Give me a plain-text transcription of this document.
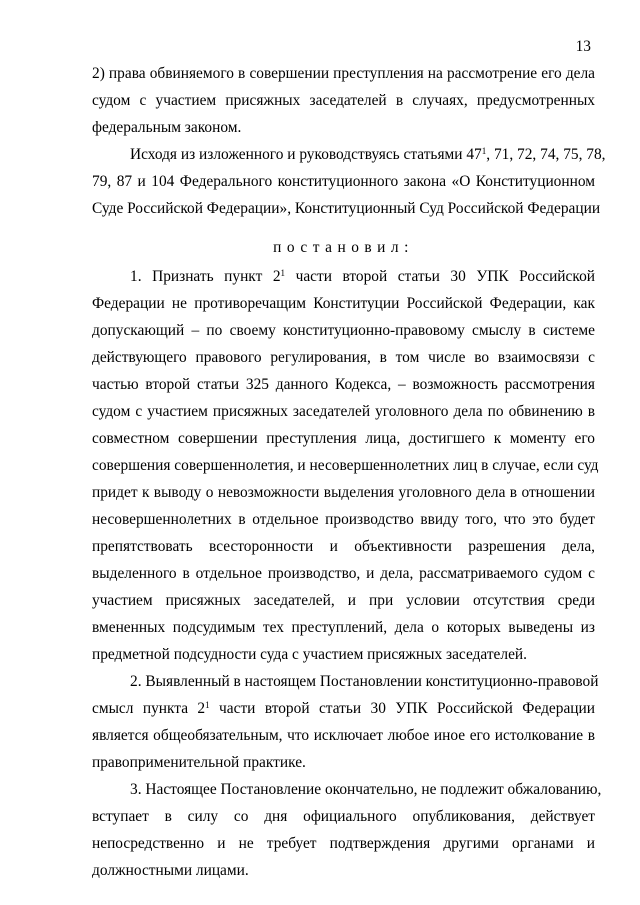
13
2) права обвиняемого в совершении преступления на рассмотрение его дела
судом с участием присяжных заседателей в случаях, предусмотренных
федеральным законом.
Исходя из изложенного и руководствуясь статьями $47^1$, 71, 72, 74, 75, 78,
79, 87 и 104 Федерального конституционного закона «О Конституционном
Суде Российской Федерации», Конституционный Суд Российской Федерации
постановил:
1. Признать пункт $2^1$ части второй статьи 30 УПК Российской
Федерации не противоречащим Конституции Российской Федерации, как
допускающий – по своему конституционно-правовому смыслу в системе
действующего правового регулирования, в том числе во взаимосвязи с
частью второй статьи 325 данного Кодекса, – возможность рассмотрения
судом с участием присяжных заседателей уголовного дела по обвинению в
совместном совершении преступления лица, достигшего к моменту его
совершения совершеннолетия, и несовершеннолетних лиц в случае, если суд
придет к выводу о невозможности выделения уголовного дела в отношении
несовершеннолетних в отдельное производство ввиду того, что это будет
препятствовать всесторонности и объективности разрешения дела,
выделенного в отдельное производство, и дела, рассматриваемого судом с
участием присяжных заседателей, и при условии отсутствия среди
вмененных подсудимым тех преступлений, дела о которых выведены из
предметной подсудности суда с участием присяжных заседателей.
2. Выявленный в настоящем Постановлении конституционно-правовой
смысл пункта $2^1$ части второй статьи 30 УПК Российской Федерации
является общеобязательным, что исключает любое иное его истолкование в
правоприменительной практике.
3. Настоящее Постановление окончательно, не подлежит обжалованию,
вступает в силу со дня официального опубликования, действует
непосредственно и не требует подтверждения другими органами и
должностными лицами.
